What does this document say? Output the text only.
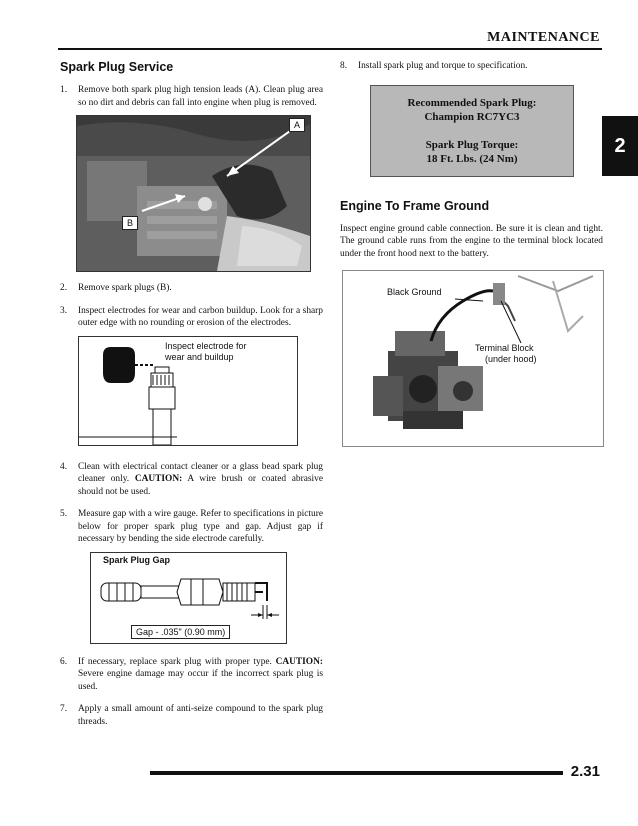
MAINTENANCE
2
Spark Plug Service

1. Remove both spark plug high tension leads (A). Clean plug area so no dirt and debris can fall into engine when plug is removed.

A
B

2. Remove spark plugs (B).

3. Inspect electrodes for wear and carbon buildup. Look for a sharp outer edge with no rounding or erosion of the electrodes.

Inspect electrode for
wear and buildup

4. Clean with electrical contact cleaner or a glass bead spark plug cleaner only. CAUTION: A wire brush or coated abrasive should not be used.

5. Measure gap with a wire gauge. Refer to specifications in picture below for proper spark plug type and gap. Adjust gap if necessary by bending the side electrode carefully.

Spark Plug Gap
Gap - .035" (0.90 mm)

6. If necessary, replace spark plug with proper type. CAUTION: Severe engine damage may occur if the incorrect spark plug is used.

7. Apply a small amount of anti-seize compound to the spark plug threads.

8. Install spark plug and torque to specification.

Recommended Spark Plug:
Champion RC7YC3
Spark Plug Torque:
18 Ft. Lbs. (24 Nm)
Engine To Frame Ground

Inspect engine ground cable connection. Be sure it is clean and tight. The ground cable runs from the engine to the terminal block located under the front hood next to the battery.

Black Ground
Terminal Block
(under hood)
2.31
